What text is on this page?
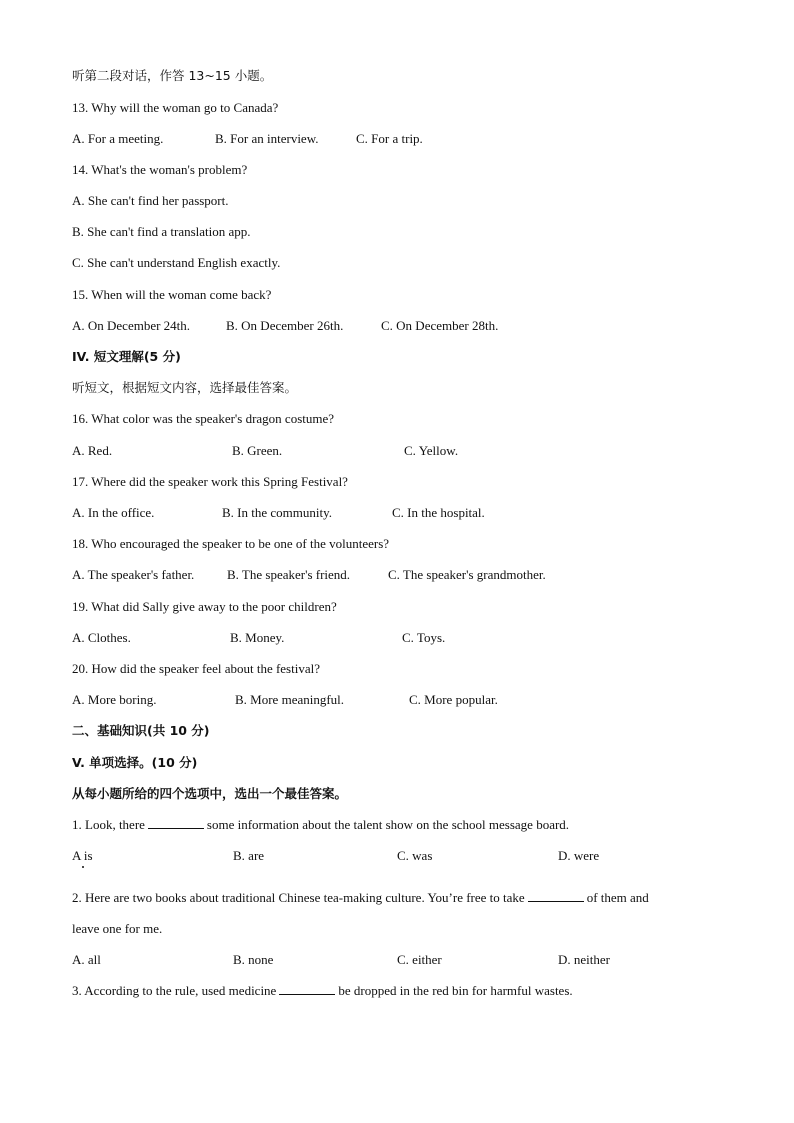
听第二段对话，作答 13~15 小题。
13. Why will the woman go to Canada?
A. For a meeting.	B. For an interview.	C. For a trip.
14. What's the woman's problem?
A. She can't find her passport.
B. She can't find a translation app.
C. She can't understand English exactly.
15. When will the woman come back?
A. On December 24th.	B. On December 26th.	C. On December 28th.
IV. 短文理解(5 分)
听短文，根据短文内容，选择最佳答案。
16. What color was the speaker's dragon costume?
A. Red.	B. Green.	C. Yellow.
17. Where did the speaker work this Spring Festival?
A. In the office.	B. In the community.	C. In the hospital.
18. Who encouraged the speaker to be one of the volunteers?
A. The speaker's father.	B. The speaker's friend.	C. The speaker's grandmother.
19. What did Sally give away to the poor children?
A. Clothes.	B. Money.	C. Toys.
20. How did the speaker feel about the festival?
A. More boring.	B. More meaningful.	C. More popular.
二、基础知识(共 10 分)
V. 单项选择。(10 分)
从每小题所给的四个选项中，选出一个最佳答案。
1. Look, there	some information about the talent show on the school message board.
A is	B. are	C. was	D. were
2. Here are two books about traditional Chinese tea-making culture. You’re free to take	of them and
leave one for me.
A. all	B. none	C. either	D. neither
3. According to the rule, used medicine	be dropped in the red bin for harmful wastes.
